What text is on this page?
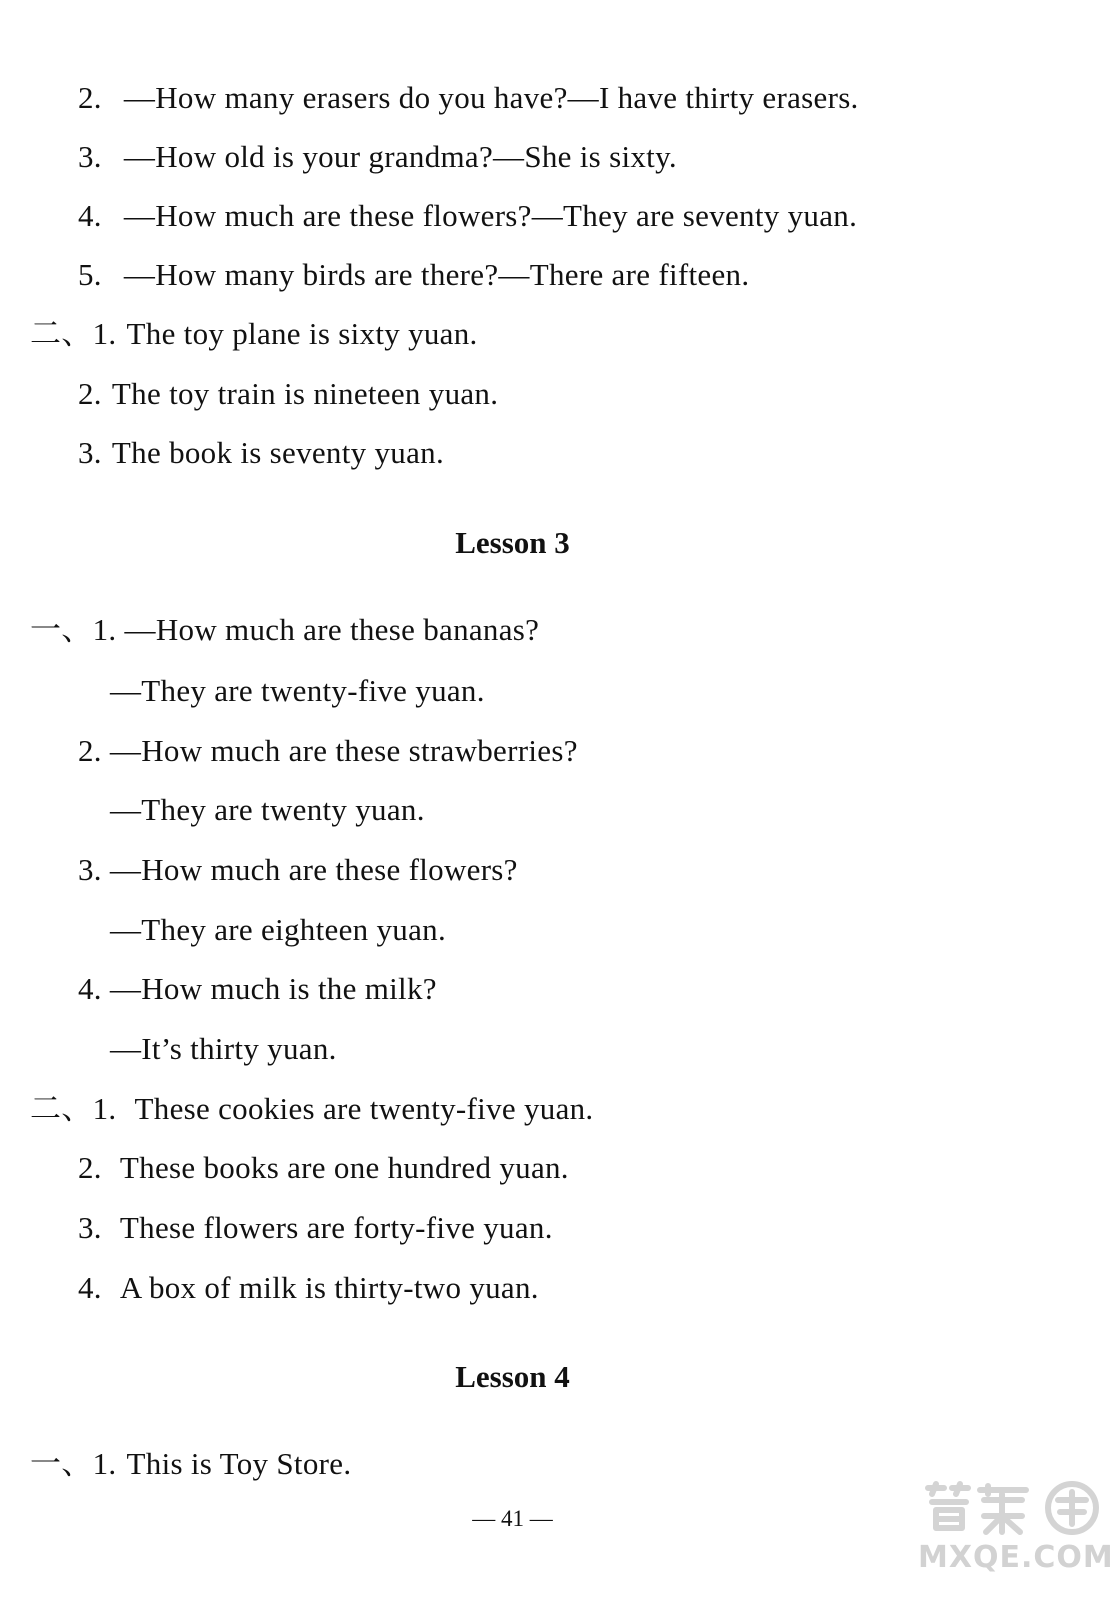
2. —How many erasers do you have?—I have thirty erasers.
3. —How old is your grandma?—She is sixty.
4. —How much are these flowers?—They are seventy yuan.
5. —How many birds are there?—There are fifteen.
二、1. The toy plane is sixty yuan.
2. The toy train is nineteen yuan.
3. The book is seventy yuan.
Lesson 3
一、1. —How much are these bananas?
—They are twenty-five yuan.
2. —How much are these strawberries?
—They are twenty yuan.
3. —How much are these flowers?
—They are eighteen yuan.
4. —How much is the milk?
—It’s thirty yuan.
二、1. These cookies are twenty-five yuan.
2. These books are one hundred yuan.
3. These flowers are forty-five yuan.
4. A box of milk is thirty-two yuan.
Lesson 4
一、1. This is Toy Store.
— 41 —
MXQE.COM
